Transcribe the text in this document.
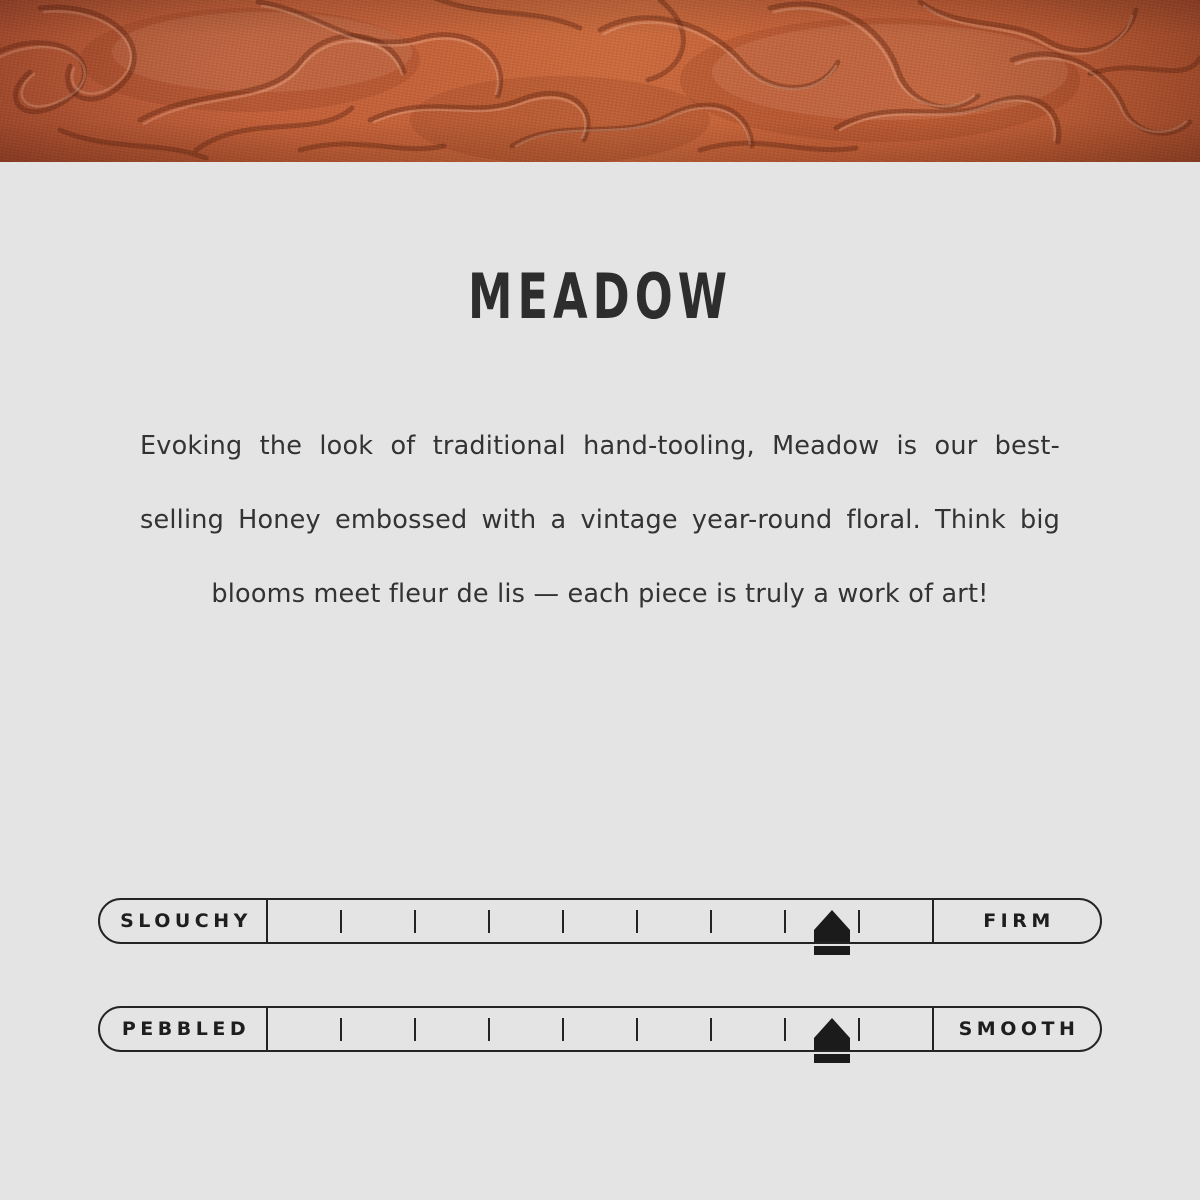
MEADOW

Evoking the look of traditional hand-tooling, Meadow is our best-selling Honey embossed with a vintage year-round floral. Think big blooms meet fleur de lis — each piece is truly a work of art!

SLOUCHY	FIRM
PEBBLED	SMOOTH
